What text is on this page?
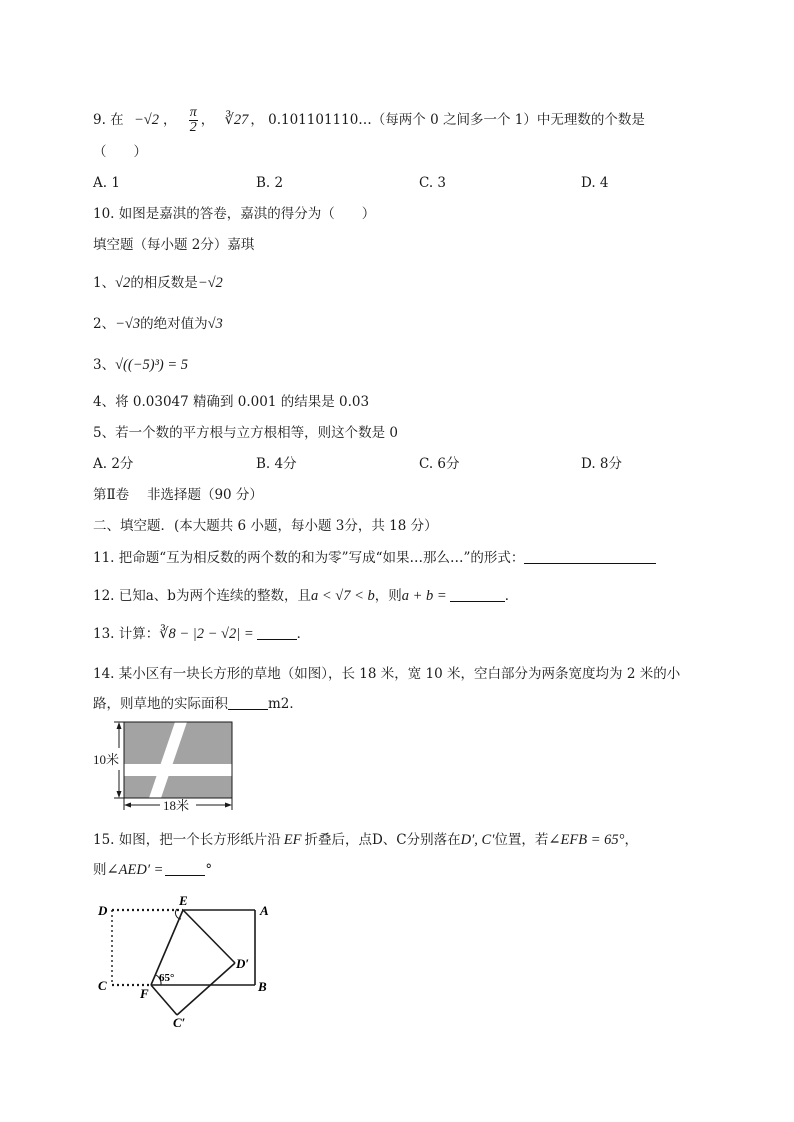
9. 在 −√2 ， $\frac{\pi}{2}$ ， ∛27 ， 0.101101110…（每两个 0 之间多一个 1）中无理数的个数是
（　　）
A. 1	B. 2	C. 3	D. 4
10. 如图是嘉淇的答卷，嘉淇的得分为（　　）
填空题（每小题 2分）嘉琪
1、√2的相反数是−√2
2、−√3的绝对值为√3
3、√((−5)³) = 5
4、将 0.03047 精确到 0.001 的结果是 0.03
5、若一个数的平方根与立方根相等，则这个数是 0
A. 2分	B. 4分	C. 6分	D. 8分
第Ⅱ卷　 非选择题（90 分）
二、填空题．(本大题共 6 小题，每小题 3分，共 18 分）
11. 把命题“互为相反数的两个数的和为零”写成“如果…那么…”的形式：
12. 已知a、b为两个连续的整数，且a < √7 < b，则a + b =	．
13. 计算：∛8 − |2 − √2| =	．
14. 某小区有一块长方形的草地（如图），长 18 米，宽 10 米，空白部分为两条宽度均为 2 米的小
路，则草地的实际面积	m2．
10米
18米
15. 如图，把一个长方形纸片沿 EF 折叠后，点D、C分别落在D′, C′位置，若∠EFB = 65°，
则∠AED′ =	°
D
E
A
D′
C
F	B
C′
65°
